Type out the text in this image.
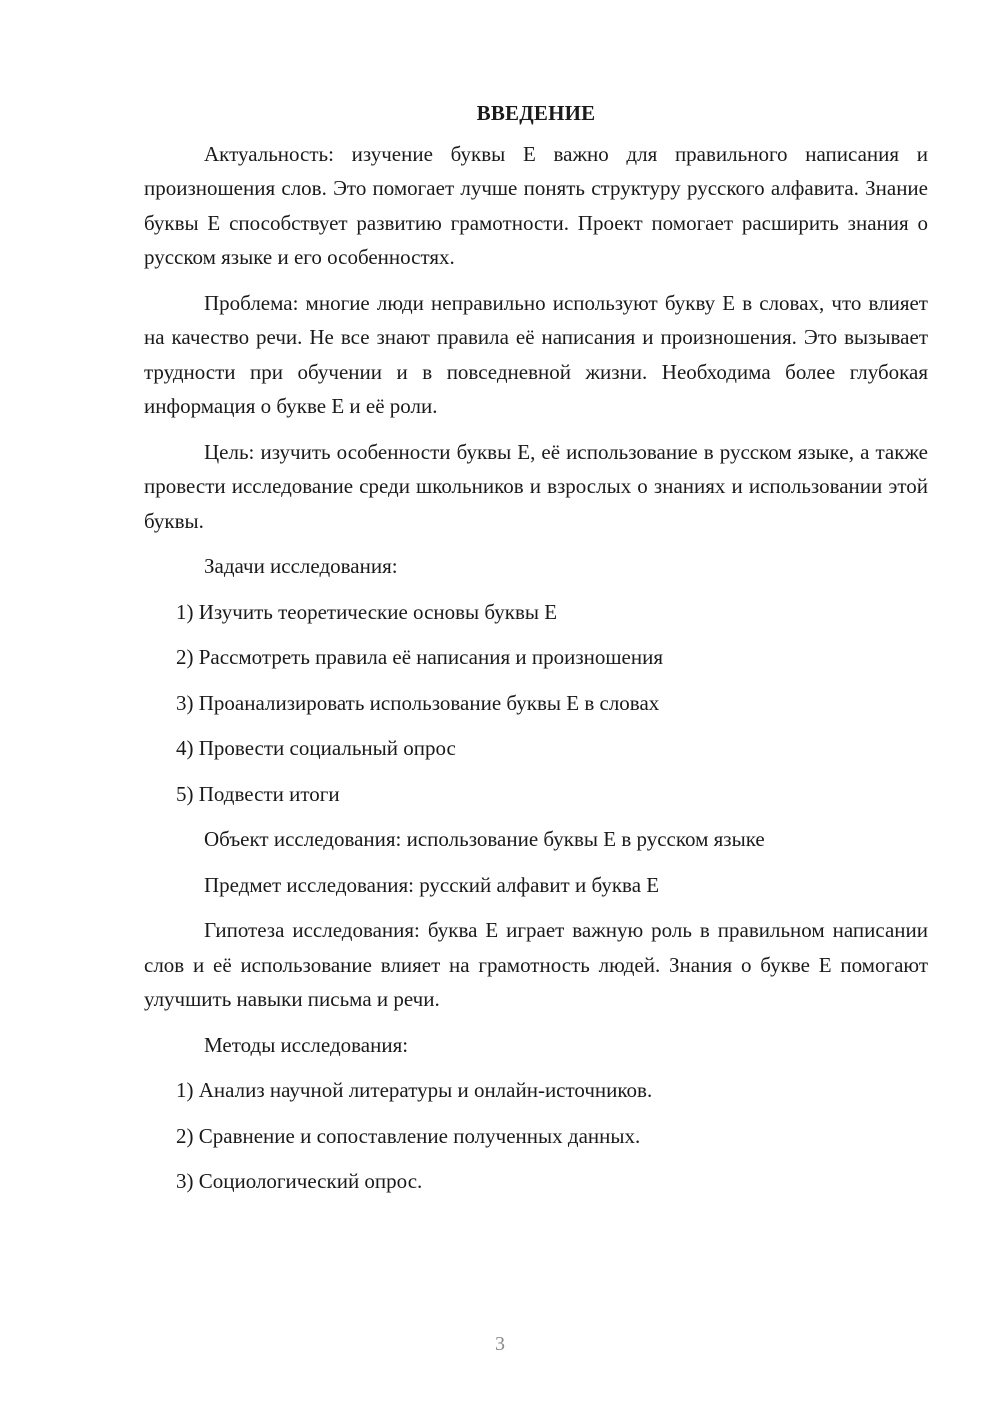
ВВЕДЕНИЕ

Актуальность: изучение буквы Е важно для правильного написания и произношения слов. Это помогает лучше понять структуру русского алфавита. Знание буквы Е способствует развитию грамотности. Проект помогает расширить знания о русском языке и его особенностях.

Проблема: многие люди неправильно используют букву Е в словах, что влияет на качество речи. Не все знают правила её написания и произношения. Это вызывает трудности при обучении и в повседневной жизни. Необходима более глубокая информация о букве Е и её роли.

Цель: изучить особенности буквы Е, её использование в русском языке, а также провести исследование среди школьников и взрослых о знаниях и использовании этой буквы.

Задачи исследования:
1) Изучить теоретические основы буквы Е
2) Рассмотреть правила её написания и произношения
3) Проанализировать использование буквы Е в словах
4) Провести социальный опрос
5) Подвести итоги
Объект исследования: использование буквы Е в русском языке
Предмет исследования: русский алфавит и буква Е

Гипотеза исследования: буква Е играет важную роль в правильном написании слов и её использование влияет на грамотность людей. Знания о букве Е помогают улучшить навыки письма и речи.

Методы исследования:
1) Анализ научной литературы и онлайн-источников.
2) Сравнение и сопоставление полученных данных.
3) Социологический опрос.
3
